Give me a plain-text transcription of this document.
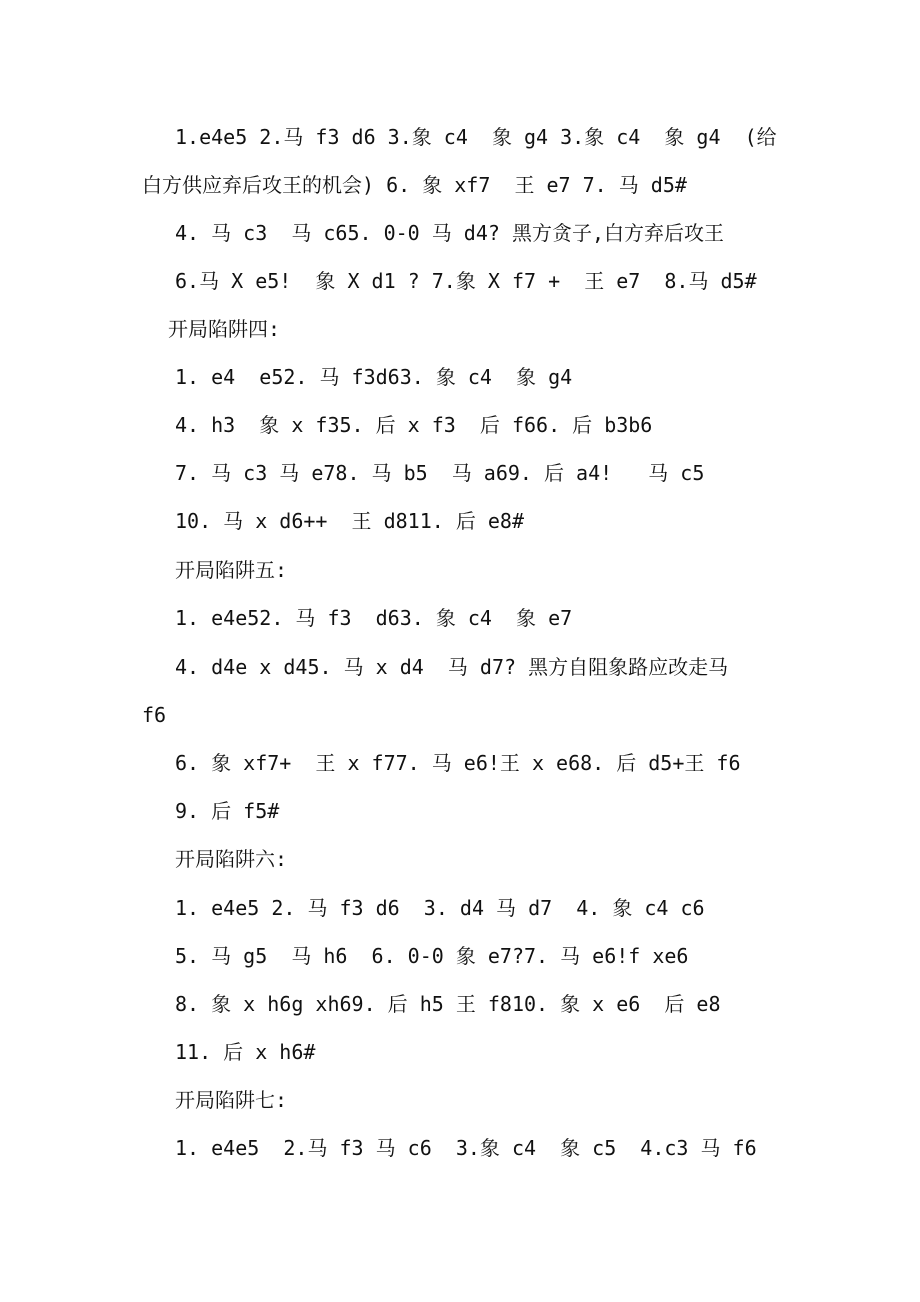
1.e4e5 2.马 f3 d6 3.象 c4  象 g4 3.象 c4  象 g4  (给
白方供应弃后攻王的机会) 6. 象 xf7  王 e7 7. 马 d5#
4. 马 c3  马 c65. 0-0 马 d4? 黑方贪子,白方弃后攻王
6.马 X e5!  象 X d1 ? 7.象 X f7 +  王 e7  8.马 d5#
开局陷阱四:
1. e4  e52. 马 f3d63. 象 c4  象 g4
4. h3  象 x f35. 后 x f3  后 f66. 后 b3b6
7. 马 c3 马 e78. 马 b5  马 a69. 后 a4!   马 c5
10. 马 x d6++  王 d811. 后 e8#
开局陷阱五:
1. e4e52. 马 f3  d63. 象 c4  象 e7
4. d4e x d45. 马 x d4  马 d7? 黑方自阻象路应改走马
f6
6. 象 xf7+  王 x f77. 马 e6!王 x e68. 后 d5+王 f6
9. 后 f5#
开局陷阱六:
1. e4e5 2. 马 f3 d6  3. d4 马 d7  4. 象 c4 c6
5. 马 g5  马 h6  6. 0-0 象 e7?7. 马 e6!f xe6
8. 象 x h6g xh69. 后 h5 王 f810. 象 x e6  后 e8
11. 后 x h6#
开局陷阱七:
1. e4e5  2.马 f3 马 c6  3.象 c4  象 c5  4.c3 马 f6
